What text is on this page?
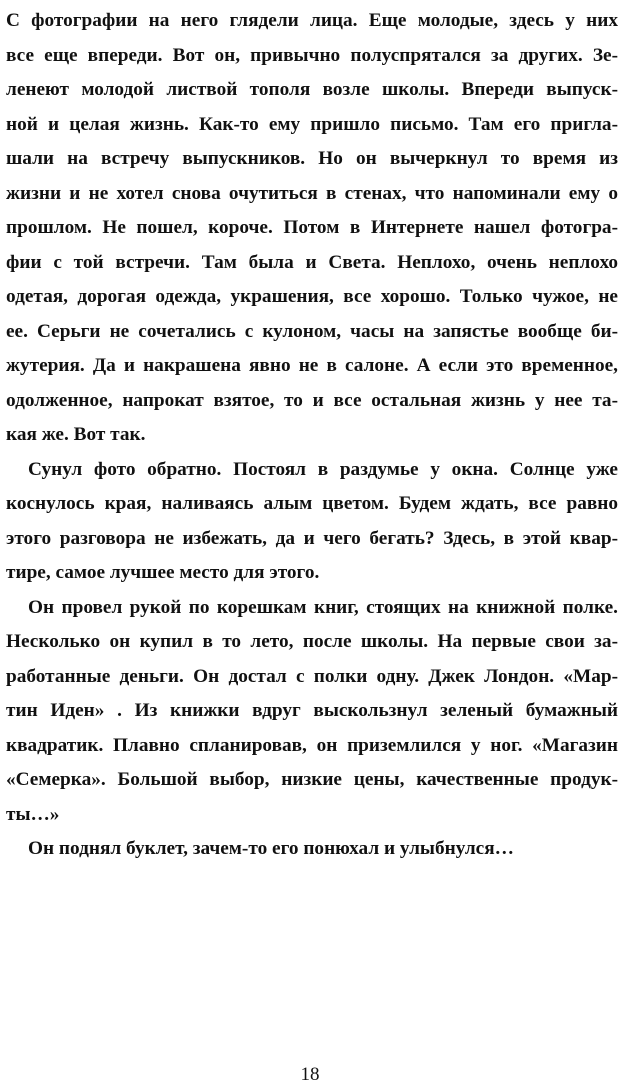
С фотографии на него глядели лица. Еще молодые, здесь у них
все еще впереди. Вот он, привычно полуспрятался за других. Зе-
ленеют молодой листвой тополя возле школы. Впереди выпуск-
ной и целая жизнь. Как-то ему пришло письмо. Там его пригла-
шали на встречу выпускников. Но он вычеркнул то время из
жизни и не хотел снова очутиться в стенах, что напоминали ему о
прошлом. Не пошел, короче. Потом в Интернете нашел фотогра-
фии с той встречи. Там была и Света. Неплохо, очень неплохо
одетая, дорогая одежда, украшения, все хорошо. Только чужое, не
ее. Серьги не сочетались с кулоном, часы на запястье вообще би-
жутерия. Да и накрашена явно не в салоне. А если это временное,
одолженное, напрокат взятое, то и все остальная жизнь у нее та-
кая же. Вот так.
Сунул фото обратно. Постоял в раздумье у окна. Солнце уже
коснулось края, наливаясь алым цветом. Будем ждать, все равно
этого разговора не избежать, да и чего бегать? Здесь, в этой квар-
тире, самое лучшее место для этого.
Он провел рукой по корешкам книг, стоящих на книжной полке.
Несколько он купил в то лето, после школы. На первые свои за-
работанные деньги. Он достал с полки одну. Джек Лондон. «Мар-
тин Иден» . Из книжки вдруг выскользнул зеленый бумажный
квадратик. Плавно спланировав, он приземлился у ног. «Магазин
«Семерка». Большой выбор, низкие цены, качественные продук-
ты…»
Он поднял буклет, зачем-то его понюхал и улыбнулся…
18
